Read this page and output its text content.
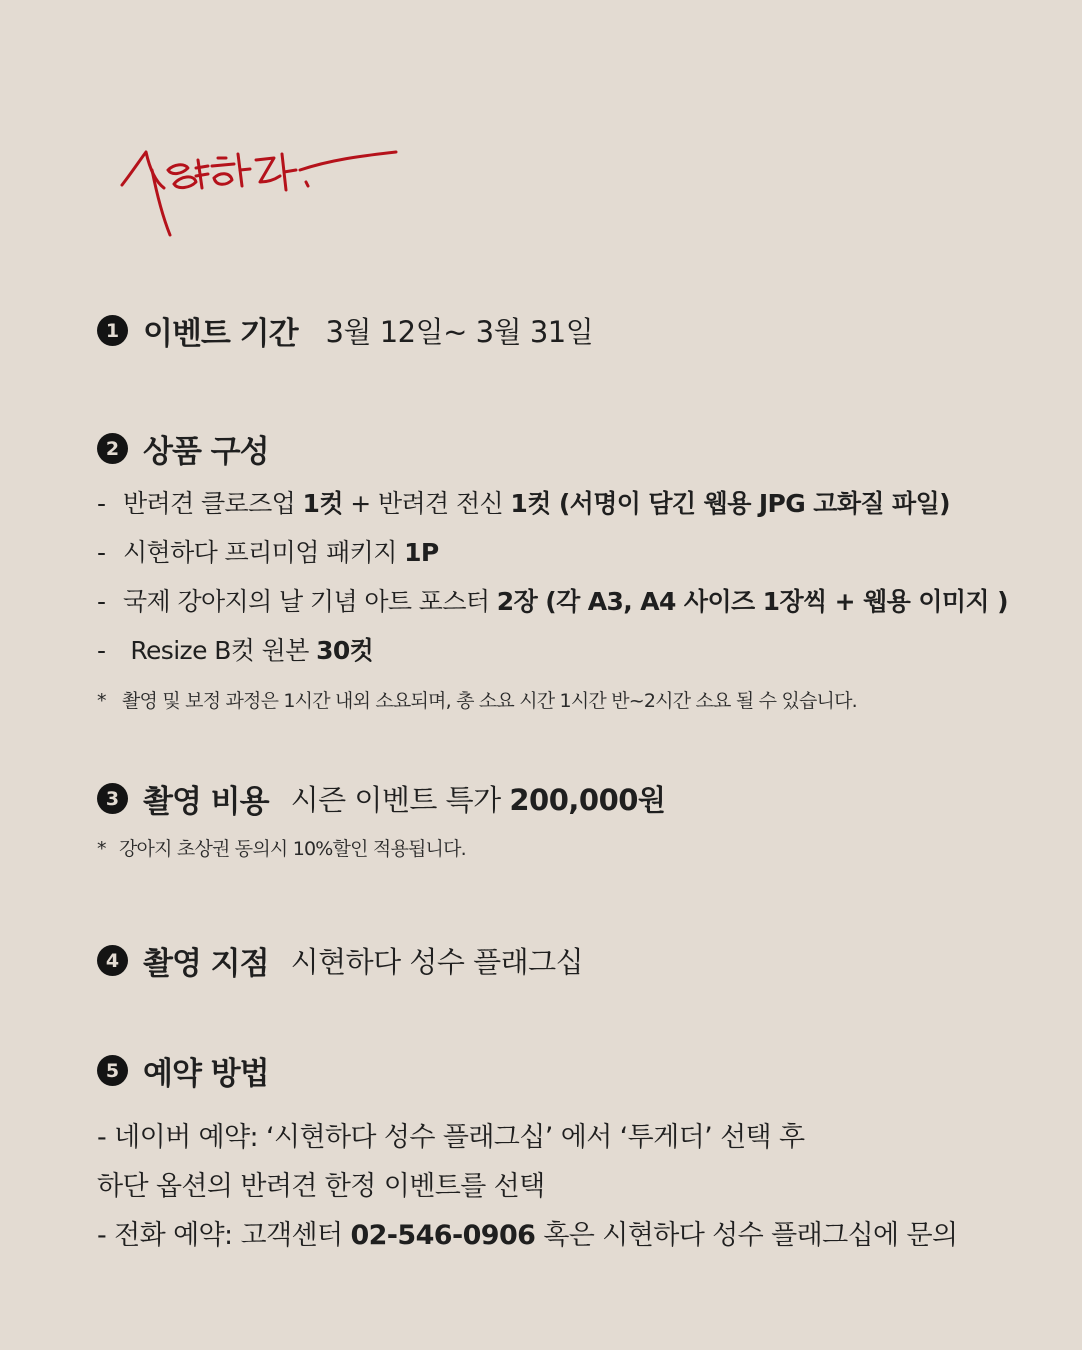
1 이벤트 기간 3월 12일~ 3월 31일
2 상품 구성
- 반려견 클로즈업 1컷 + 반려견 전신 1컷 (서명이 담긴 웹용 JPG 고화질 파일)
- 시현하다 프리미엄 패키지 1P
- 국제 강아지의 날 기념 아트 포스터 2장 (각 A3, A4 사이즈 1장씩 + 웹용 이미지 )
- Resize B컷 원본 30컷
* 촬영 및 보정 과정은 1시간 내외 소요되며, 총 소요 시간 1시간 반~2시간 소요 될 수 있습니다.
3 촬영 비용 시즌 이벤트 특가 200,000원
* 강아지 초상권 동의시 10%할인 적용됩니다.
4 촬영 지점 시현하다 성수 플래그십
5 예약 방법
- 네이버 예약: ‘시현하다 성수 플래그십’ 에서 ‘투게더’ 선택 후
하단 옵션의 반려견 한정 이벤트를 선택
- 전화 예약: 고객센터 02-546-0906 혹은 시현하다 성수 플래그십에 문의
